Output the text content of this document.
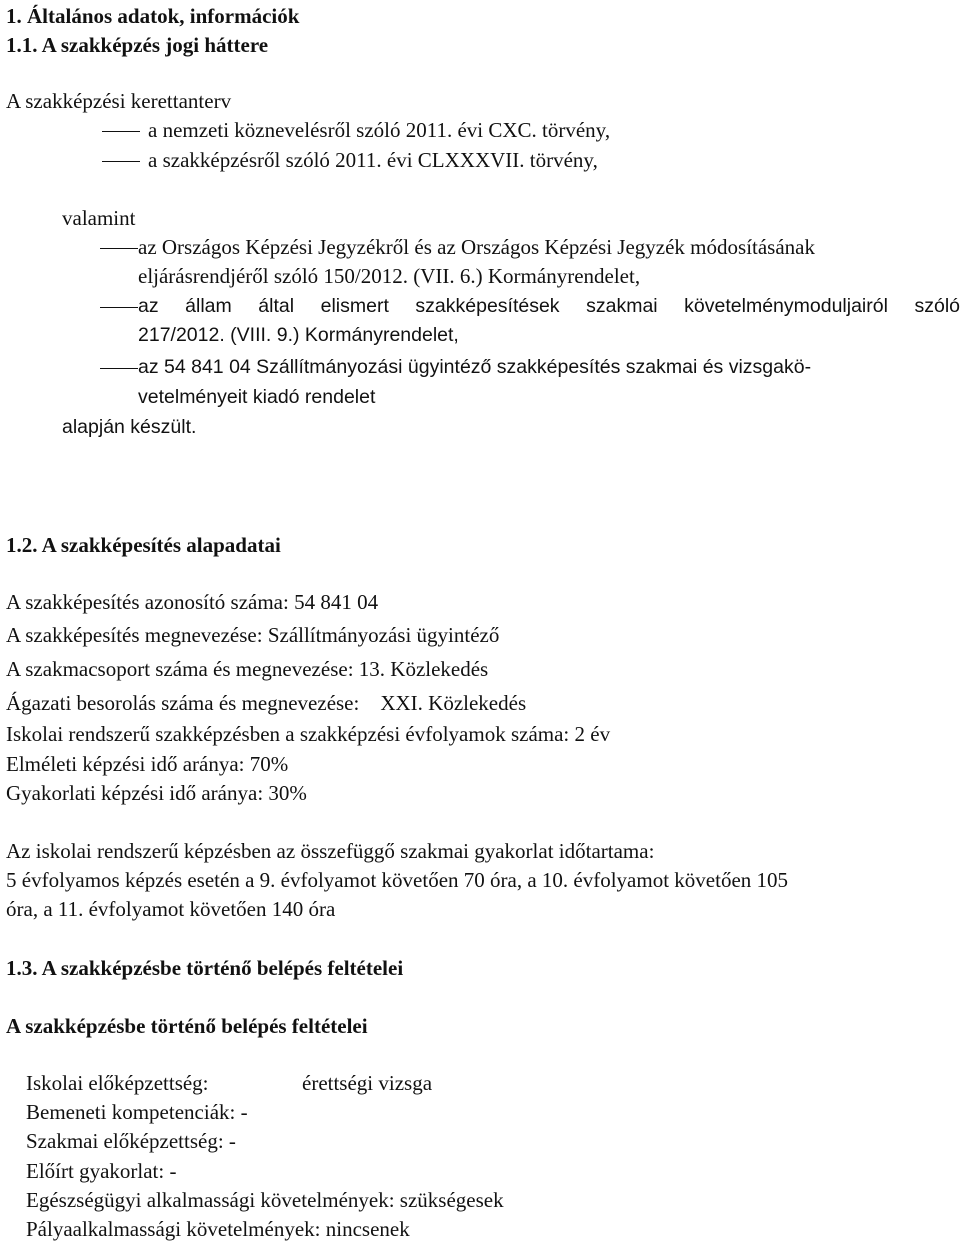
1. Általános adatok, információk
1.1. A szakképzés jogi háttere
A szakképzési kerettanterv
a nemzeti köznevelésről szóló 2011. évi CXC. törvény,
a szakképzésről szóló 2011. évi CLXXXVII. törvény,
valamint
az Országos Képzési Jegyzékről és az Országos Képzési Jegyzék módosításának
eljárásrendjéről szóló 150/2012. (VII. 6.) Kormányrendelet,
az állam által elismert szakképesítések szakmai követelménymoduljairól szóló
217/2012. (VIII. 9.) Kormányrendelet,
az 54 841 04 Szállítmányozási ügyintéző szakképesítés szakmai és vizsgakö-
vetelményeit kiadó rendelet
alapján készült.
1.2. A szakképesítés alapadatai
A szakképesítés azonosító száma: 54 841 04
A szakképesítés megnevezése: Szállítmányozási ügyintéző
A szakmacsoport száma és megnevezése: 13. Közlekedés
Ágazati besorolás száma és megnevezése:    XXI. Közlekedés
Iskolai rendszerű szakképzésben a szakképzési évfolyamok száma: 2 év
Elméleti képzési idő aránya: 70%
Gyakorlati képzési idő aránya: 30%
Az iskolai rendszerű képzésben az összefüggő szakmai gyakorlat időtartama:
5 évfolyamos képzés esetén a 9. évfolyamot követően 70 óra, a 10. évfolyamot követően 105
óra, a 11. évfolyamot követően 140 óra
1.3. A szakképzésbe történő belépés feltételei
A szakképzésbe történő belépés feltételei
Iskolai előképzettség:	érettségi vizsga
Bemeneti kompetenciák: -
Szakmai előképzettség: -
Előírt gyakorlat: -
Egészségügyi alkalmassági követelmények: szükségesek
Pályaalkalmassági követelmények: nincsenek
